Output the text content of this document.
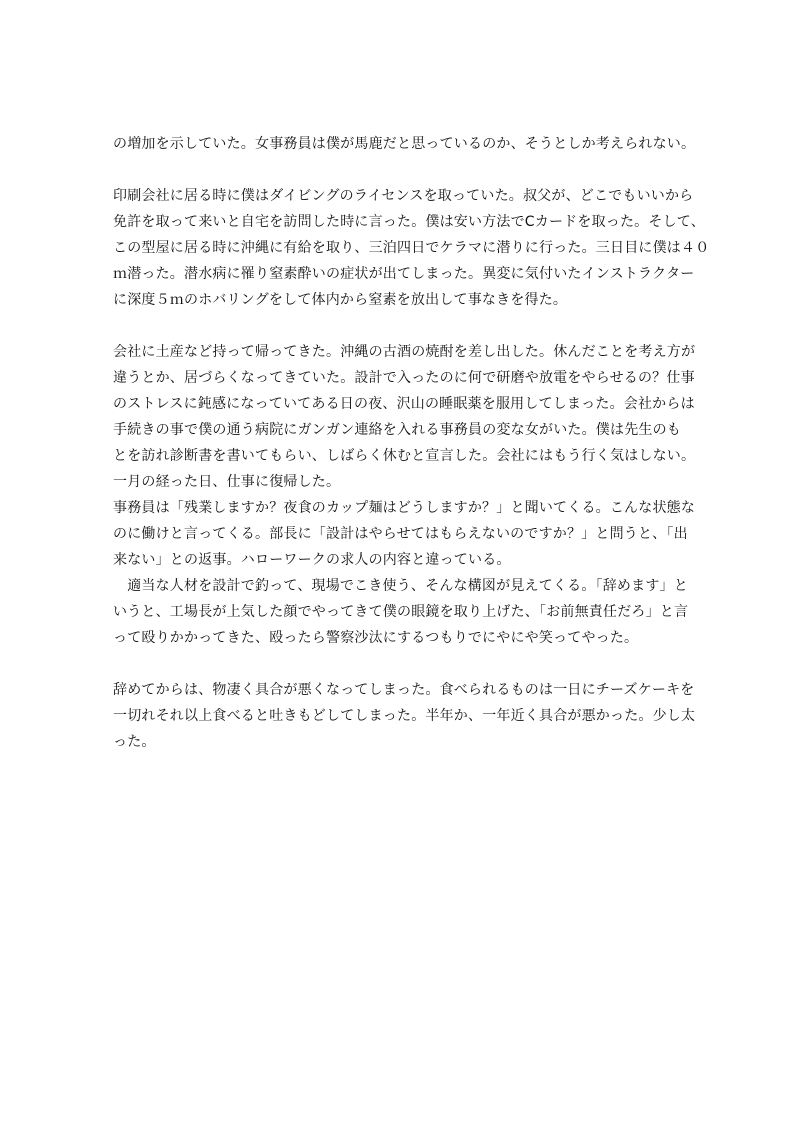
の増加を示していた。女事務員は僕が馬鹿だと思っているのか、そうとしか考えられない。
印刷会社に居る時に僕はダイビングのライセンスを取っていた。叔父が、どこでもいいから
免許を取って来いと自宅を訪問した時に言った。僕は安い方法でCカードを取った。そして、
この型屋に居る時に沖縄に有給を取り、三泊四日でケラマに潜りに行った。三日目に僕は４０
ｍ潜った。潜水病に罹り窒素酔いの症状が出てしまった。異変に気付いたインストラクター
に深度５ｍのホバリングをして体内から窒素を放出して事なきを得た。
会社に土産など持って帰ってきた。沖縄の古酒の焼酎を差し出した。休んだことを考え方が
違うとか、居づらくなってきていた。設計で入ったのに何で研磨や放電をやらせるの？仕事
のストレスに鈍感になっていてある日の夜、沢山の睡眠薬を服用してしまった。会社からは
手続きの事で僕の通う病院にガンガン連絡を入れる事務員の変な女がいた。僕は先生のも
とを訪れ診断書を書いてもらい、しばらく休むと宣言した。会社にはもう行く気はしない。
一月の経った日、仕事に復帰した。
事務員は「残業しますか？夜食のカップ麺はどうしますか？」と聞いてくる。こんな状態な
のに働けと言ってくる。部長に「設計はやらせてはもらえないのですか？」と問うと、「出
来ない」との返事。ハローワークの求人の内容と違っている。
　適当な人材を設計で釣って、現場でこき使う、そんな構図が見えてくる。「辞めます」と
いうと、工場長が上気した顔でやってきて僕の眼鏡を取り上げた、「お前無責任だろ」と言
って殴りかかってきた、殴ったら警察沙汰にするつもりでにやにや笑ってやった。
辞めてからは、物凄く具合が悪くなってしまった。食べられるものは一日にチーズケーキを
一切れそれ以上食べると吐きもどしてしまった。半年か、一年近く具合が悪かった。少し太
った。
